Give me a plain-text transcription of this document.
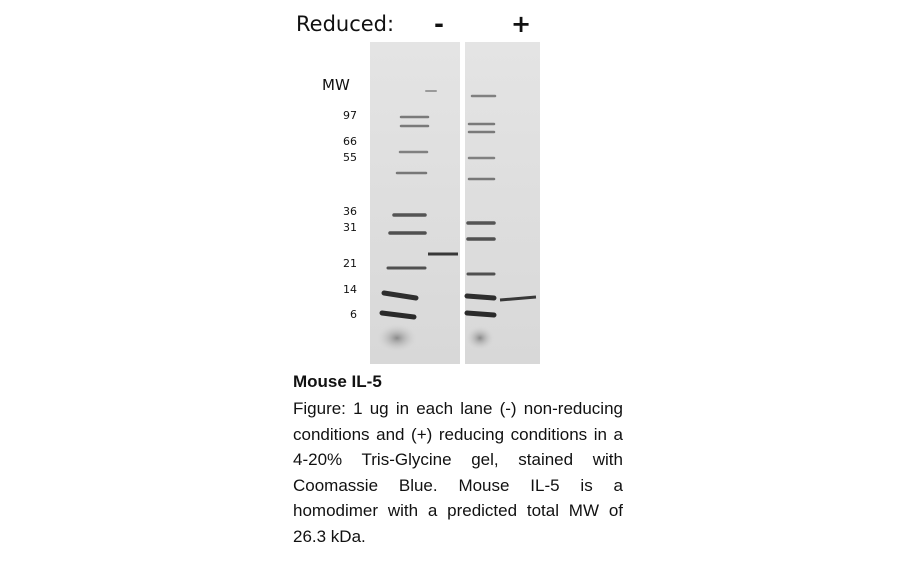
Reduced: -	+
MW
97
66
55
36
31
21
14
6

Mouse IL-5

Figure: 1 ug in each lane (-) non-reducing conditions and (+) reducing conditions in a 4-20% Tris-Glycine gel, stained with Coomassie Blue. Mouse IL-5 is a homodimer with a predicted total MW of 26.3 kDa.
